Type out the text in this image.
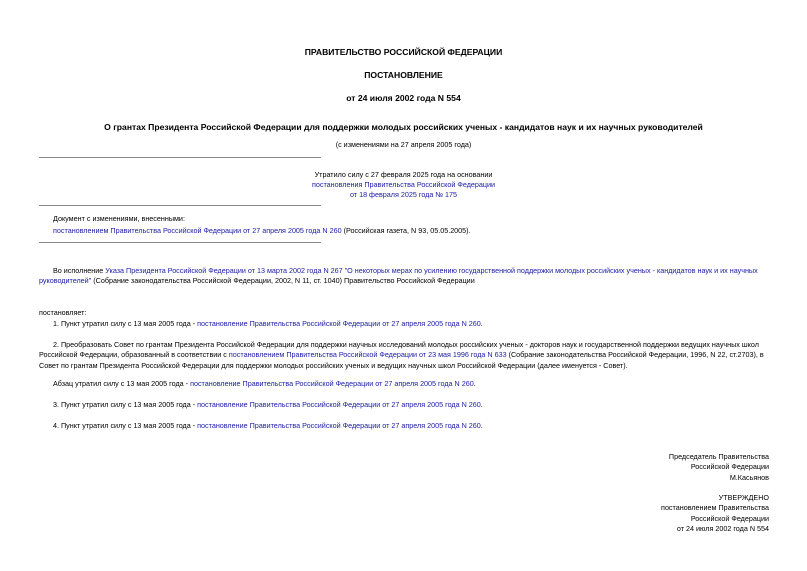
ПРАВИТЕЛЬСТВО РОССИЙСКОЙ ФЕДЕРАЦИИ
ПОСТАНОВЛЕНИЕ
от 24 июля 2002 года N 554
О грантах Президента Российской Федерации для поддержки молодых российских ученых - кандидатов наук и их научных руководителей
(с изменениями на 27 апреля 2005 года)
Утратило силу с 27 февраля 2025 года на основании
постановления Правительства Российской Федерации
от 18 февраля 2025 года № 175
Документ с изменениями, внесенными:
постановлением Правительства Российской Федерации от 27 апреля 2005 года N 260 (Российская газета, N 93, 05.05.2005).
Во исполнение Указа Президента Российской Федерации от 13 марта 2002 года N 267 "О некоторых мерах по усилению государственной поддержки молодых российских ученых - кандидатов наук и их научных руководителей" (Собрание законодательства Российской Федерации, 2002, N 11, ст. 1040) Правительство Российской Федерации
постановляет:
1. Пункт утратил силу с 13 мая 2005 года - постановление Правительства Российской Федерации от 27 апреля 2005 года N 260.
2. Преобразовать Совет по грантам Президента Российской Федерации для поддержки научных исследований молодых российских ученых - докторов наук и государственной поддержки ведущих научных школ Российской Федерации, образованный в соответствии с постановлением Правительства Российской Федерации от 23 мая 1996 года N 633 (Собрание законодательства Российской Федерации, 1996, N 22, ст.2703), в Совет по грантам Президента Российской Федерации для поддержки молодых российских ученых и ведущих научных школ Российской Федерации (далее именуется - Совет).
Абзац утратил силу с 13 мая 2005 года - постановление Правительства Российской Федерации от 27 апреля 2005 года N 260.
3. Пункт утратил силу с 13 мая 2005 года - постановление Правительства Российской Федерации от 27 апреля 2005 года N 260.
4. Пункт утратил силу с 13 мая 2005 года - постановление Правительства Российской Федерации от 27 апреля 2005 года N 260.
Председатель Правительства
Российской Федерации
М.Касьянов
УТВЕРЖДЕНО
постановлением Правительства
Российской Федерации
от 24 июля 2002 года N 554
